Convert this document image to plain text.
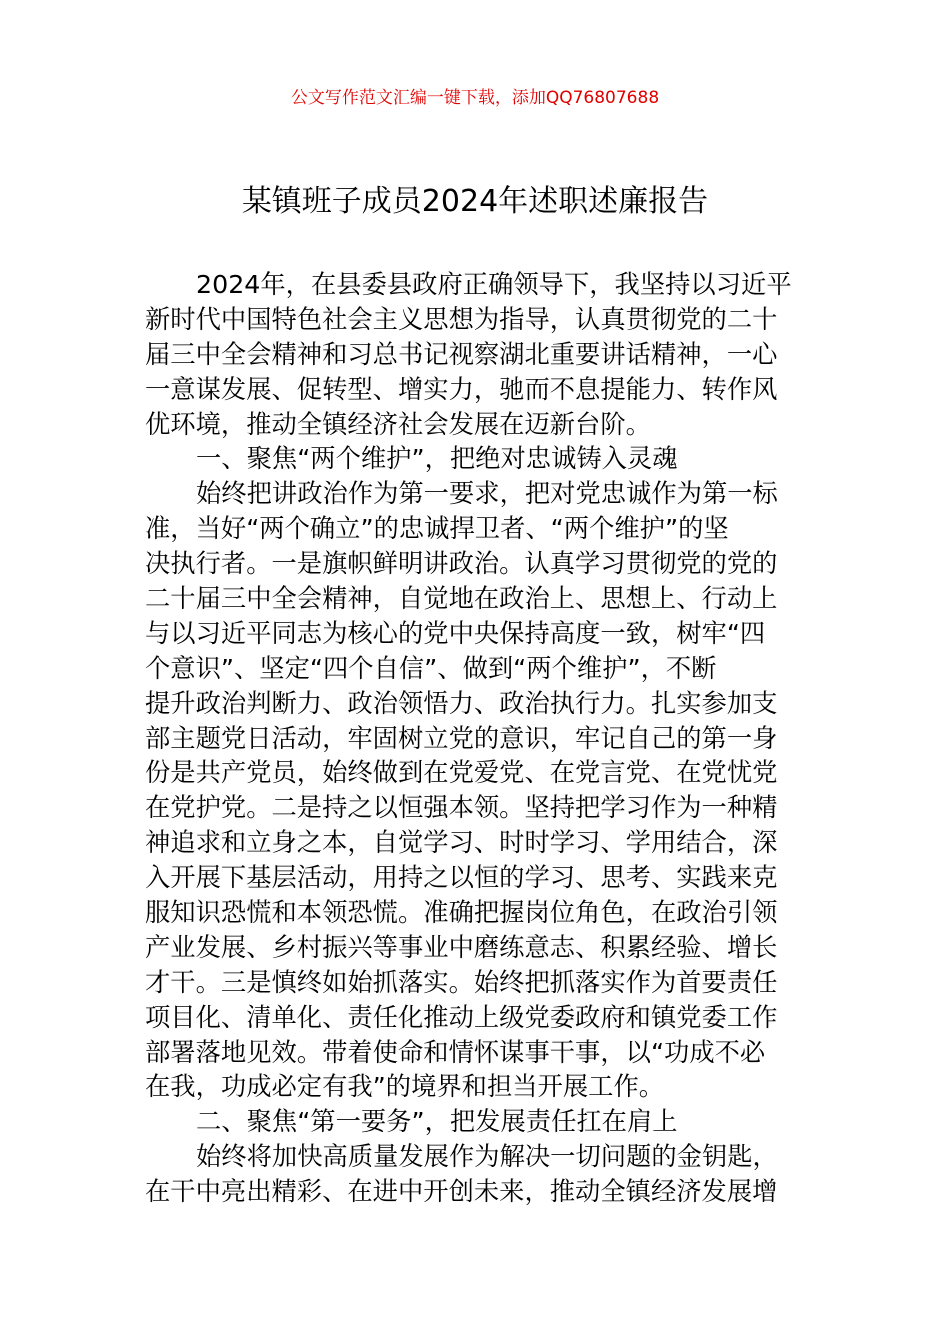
公文写作范文汇编一键下载，添加QQ76807688
某镇班子成员2024年述职述廉报告
2024年，在县委县政府正确领导下，我坚持以习近平
新时代中国特色社会主义思想为指导，认真贯彻党的二十
届三中全会精神和习总书记视察湖北重要讲话精神，一心
一意谋发展、促转型、增实力，驰而不息提能力、转作风
优环境，推动全镇经济社会发展在迈新台阶。
一、聚焦“两个维护”，把绝对忠诚铸入灵魂
始终把讲政治作为第一要求，把对党忠诚作为第一标
准，当好“两个确立”的忠诚捍卫者、“两个维护”的坚
决执行者。一是旗帜鲜明讲政治。认真学习贯彻党的党的
二十届三中全会精神，自觉地在政治上、思想上、行动上
与以习近平同志为核心的党中央保持高度一致，树牢“四
个意识”、坚定“四个自信”、做到“两个维护”，不断
提升政治判断力、政治领悟力、政治执行力。扎实参加支
部主题党日活动，牢固树立党的意识，牢记自己的第一身
份是共产党员，始终做到在党爱党、在党言党、在党忧党
在党护党。二是持之以恒强本领。坚持把学习作为一种精
神追求和立身之本，自觉学习、时时学习、学用结合，深
入开展下基层活动，用持之以恒的学习、思考、实践来克
服知识恐慌和本领恐慌。准确把握岗位角色，在政治引领
产业发展、乡村振兴等事业中磨练意志、积累经验、增长
才干。三是慎终如始抓落实。始终把抓落实作为首要责任
项目化、清单化、责任化推动上级党委政府和镇党委工作
部署落地见效。带着使命和情怀谋事干事，以“功成不必
在我，功成必定有我”的境界和担当开展工作。
二、聚焦“第一要务”，把发展责任扛在肩上
始终将加快高质量发展作为解决一切问题的金钥匙，
在干中亮出精彩、在进中开创未来，推动全镇经济发展增
